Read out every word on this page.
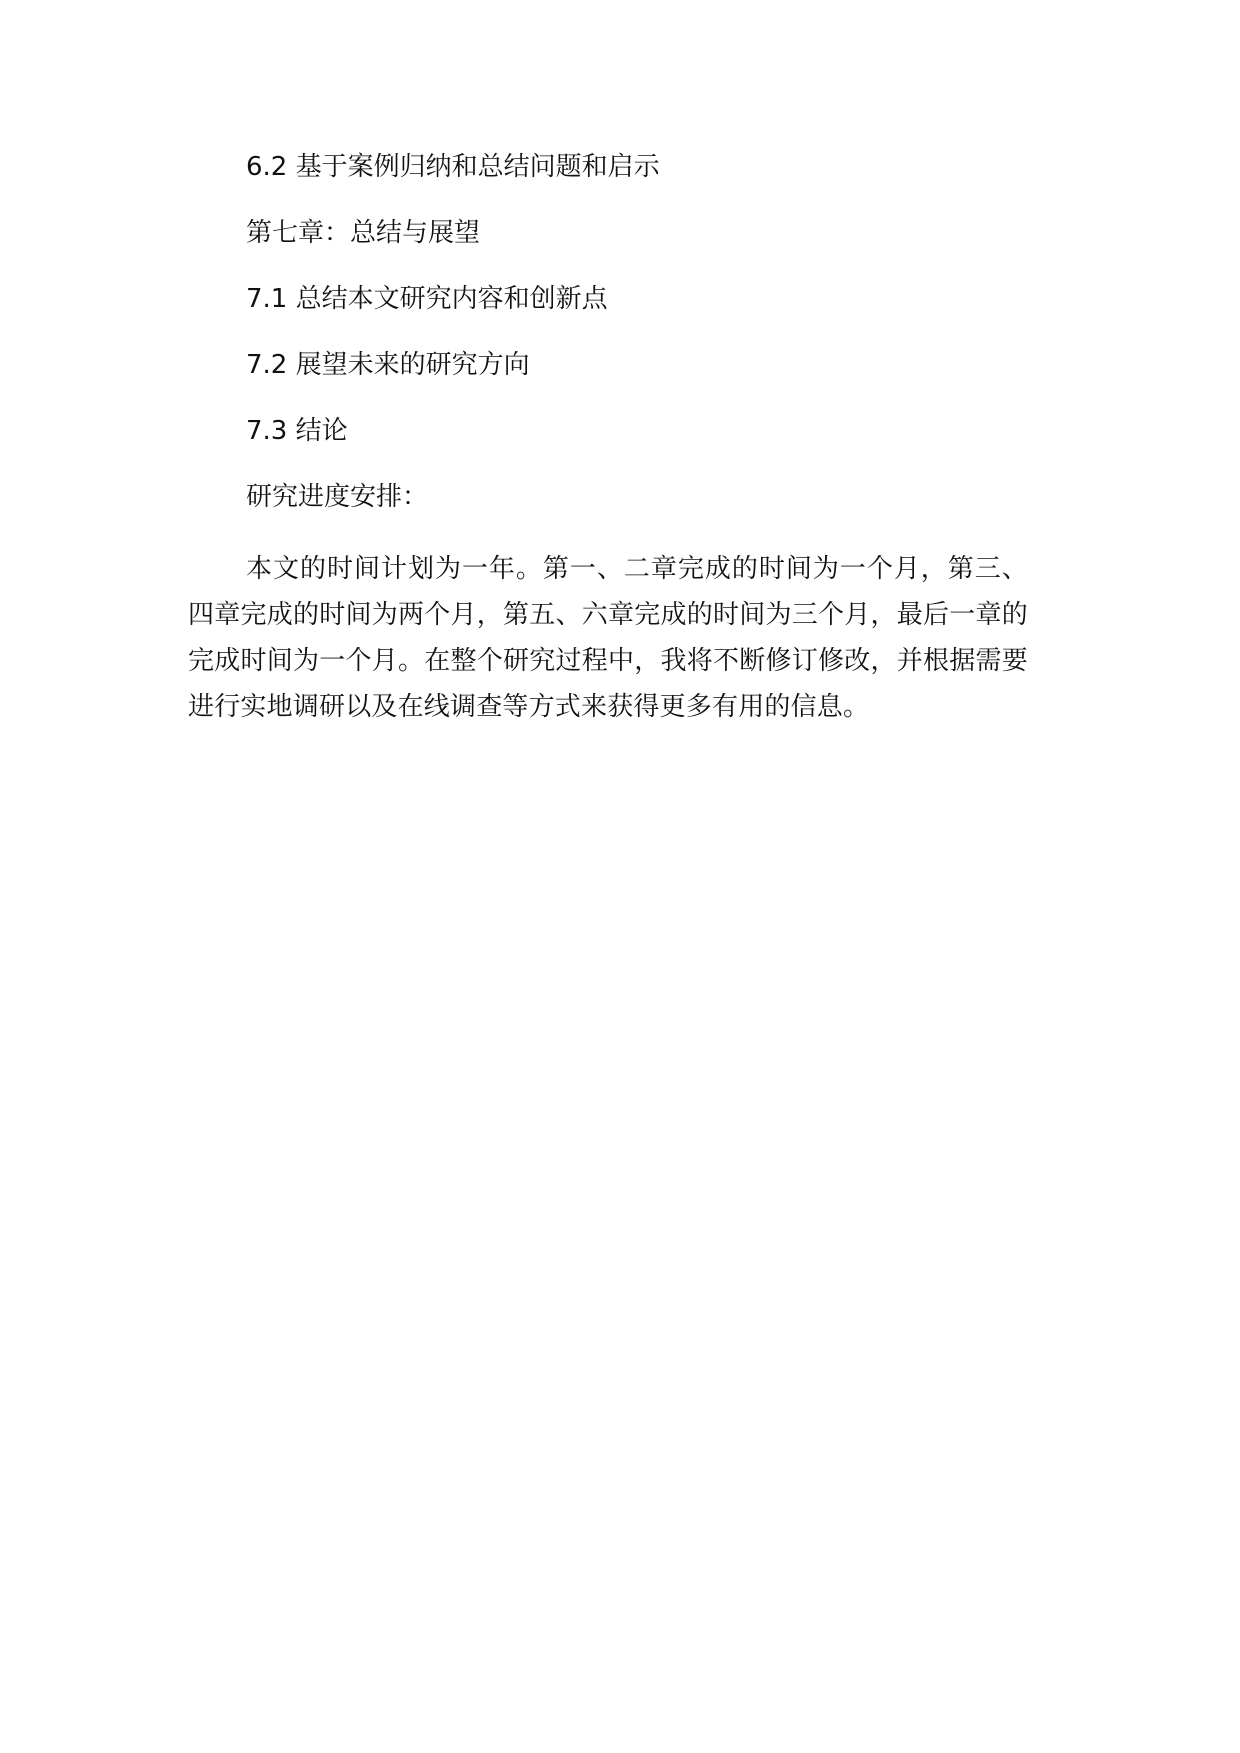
6.2 基于案例归纳和总结问题和启示

第七章：总结与展望

7.1 总结本文研究内容和创新点

7.2 展望未来的研究方向

7.3 结论

研究进度安排：

本文的时间计划为一年。第一、二章完成的时间为一个月，第三、四章完成的时间为两个月，第五、六章完成的时间为三个月，最后一章的完成时间为一个月。在整个研究过程中，我将不断修订修改，并根据需要进行实地调研以及在线调查等方式来获得更多有用的信息。
